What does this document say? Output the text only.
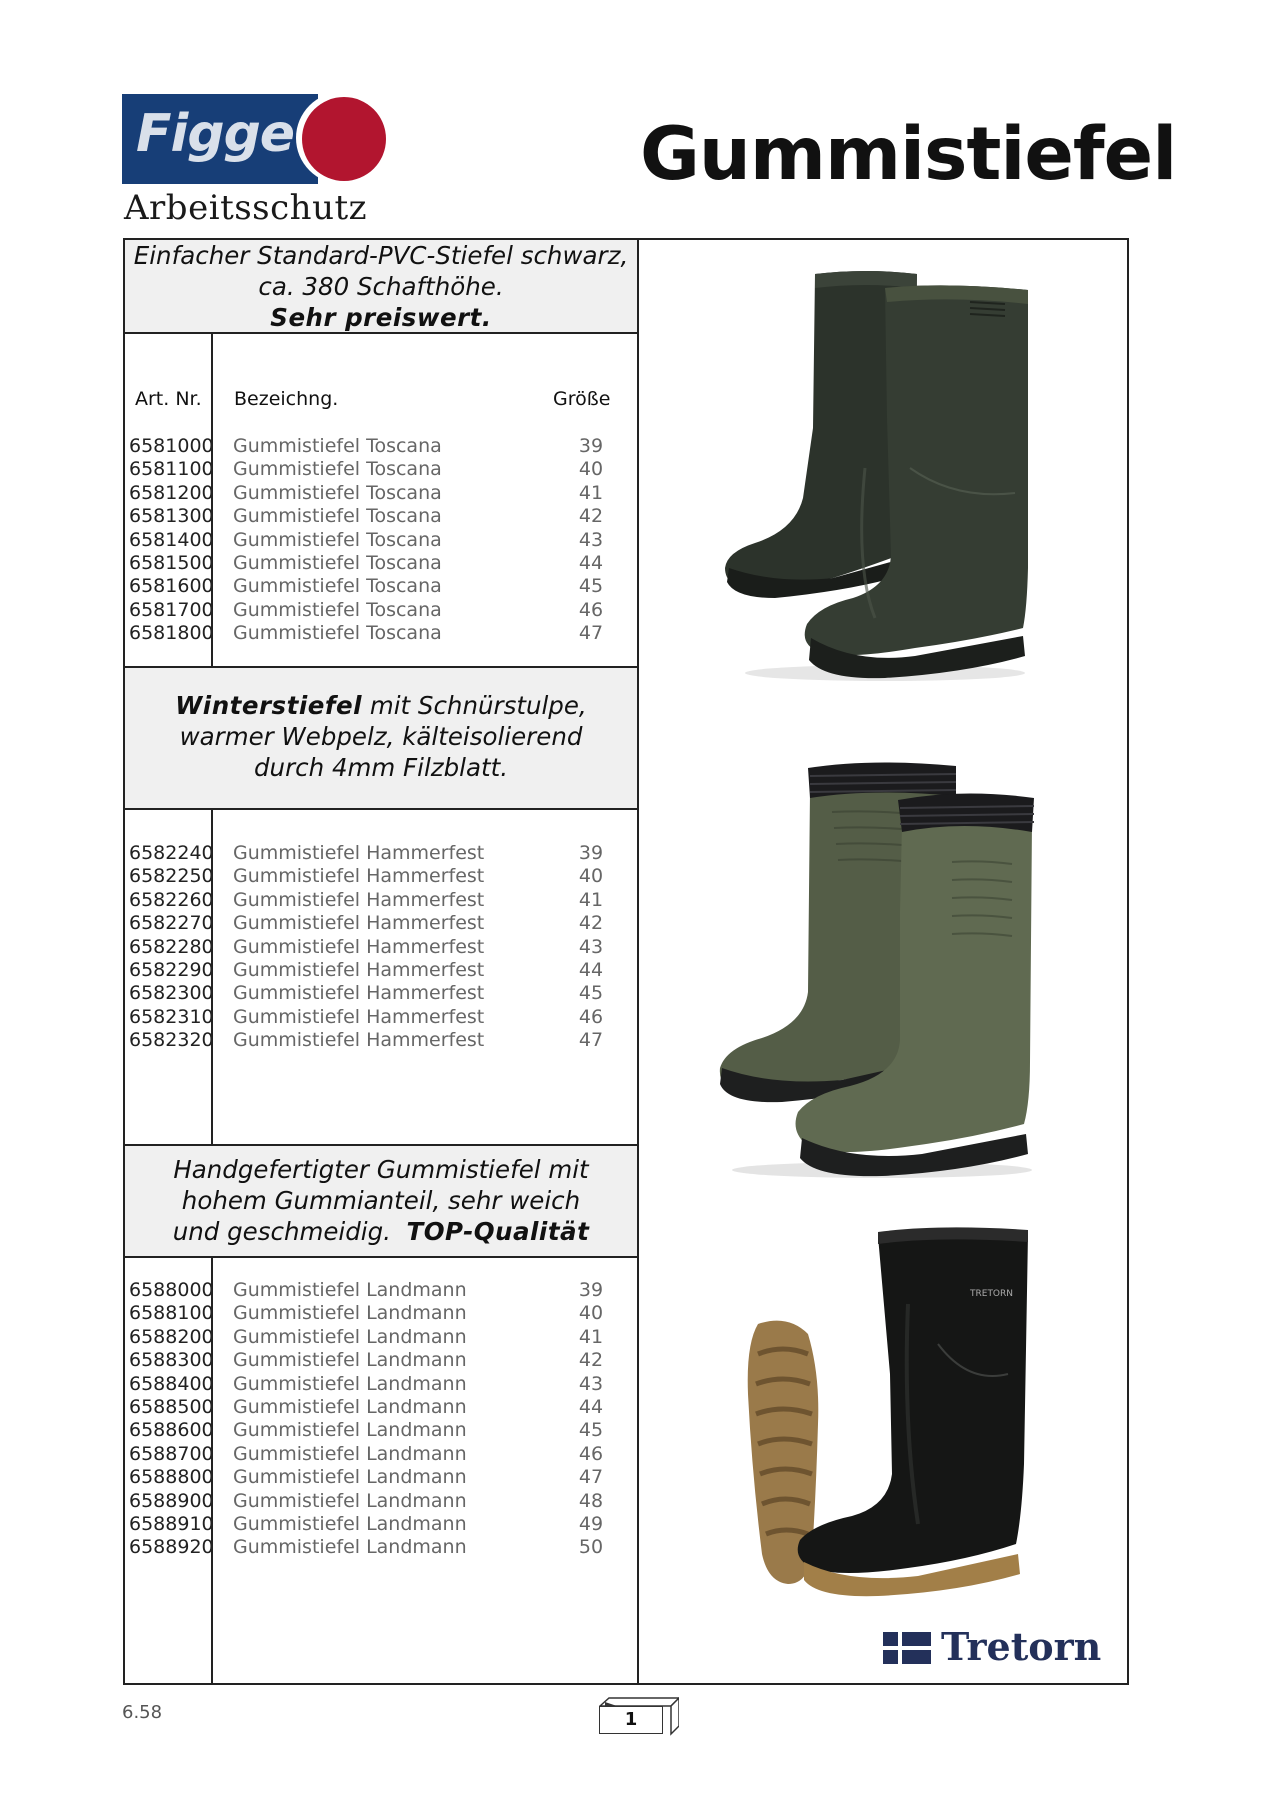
Figge
Arbeitsschutz
Gummistiefel
Einfacher Standard-PVC-Stiefel schwarz,
ca. 380 Schafthöhe.
Sehr preiswert.
Art. Nr. Bezeichng.	Größe
6581000 Gummistiefel Toscana	39
6581100 Gummistiefel Toscana	40
6581200 Gummistiefel Toscana	41
6581300 Gummistiefel Toscana	42
6581400 Gummistiefel Toscana	43
6581500 Gummistiefel Toscana	44
6581600 Gummistiefel Toscana	45
6581700 Gummistiefel Toscana	46
6581800 Gummistiefel Toscana	47
Winterstiefel mit Schnürstulpe,
warmer Webpelz, kälteisolierend
durch 4mm Filzblatt.
6582240 Gummistiefel Hammerfest	39
6582250 Gummistiefel Hammerfest	40
6582260 Gummistiefel Hammerfest	41
6582270 Gummistiefel Hammerfest	42
6582280 Gummistiefel Hammerfest	43
6582290 Gummistiefel Hammerfest	44
6582300 Gummistiefel Hammerfest	45
6582310 Gummistiefel Hammerfest	46
6582320 Gummistiefel Hammerfest	47
Handgefertigter Gummistiefel mit
hohem Gummianteil, sehr weich
und geschmeidig. TOP-Qualität
6588000 Gummistiefel Landmann	39
6588100 Gummistiefel Landmann	40
6588200 Gummistiefel Landmann	41
6588300 Gummistiefel Landmann	42
6588400 Gummistiefel Landmann	43
6588500 Gummistiefel Landmann	44
6588600 Gummistiefel Landmann	45
6588700 Gummistiefel Landmann	46
6588800 Gummistiefel Landmann	47
6588900 Gummistiefel Landmann	48
6588910 Gummistiefel Landmann	49
6588920 Gummistiefel Landmann	50
TRETORN
Tretorn
6.58	1
